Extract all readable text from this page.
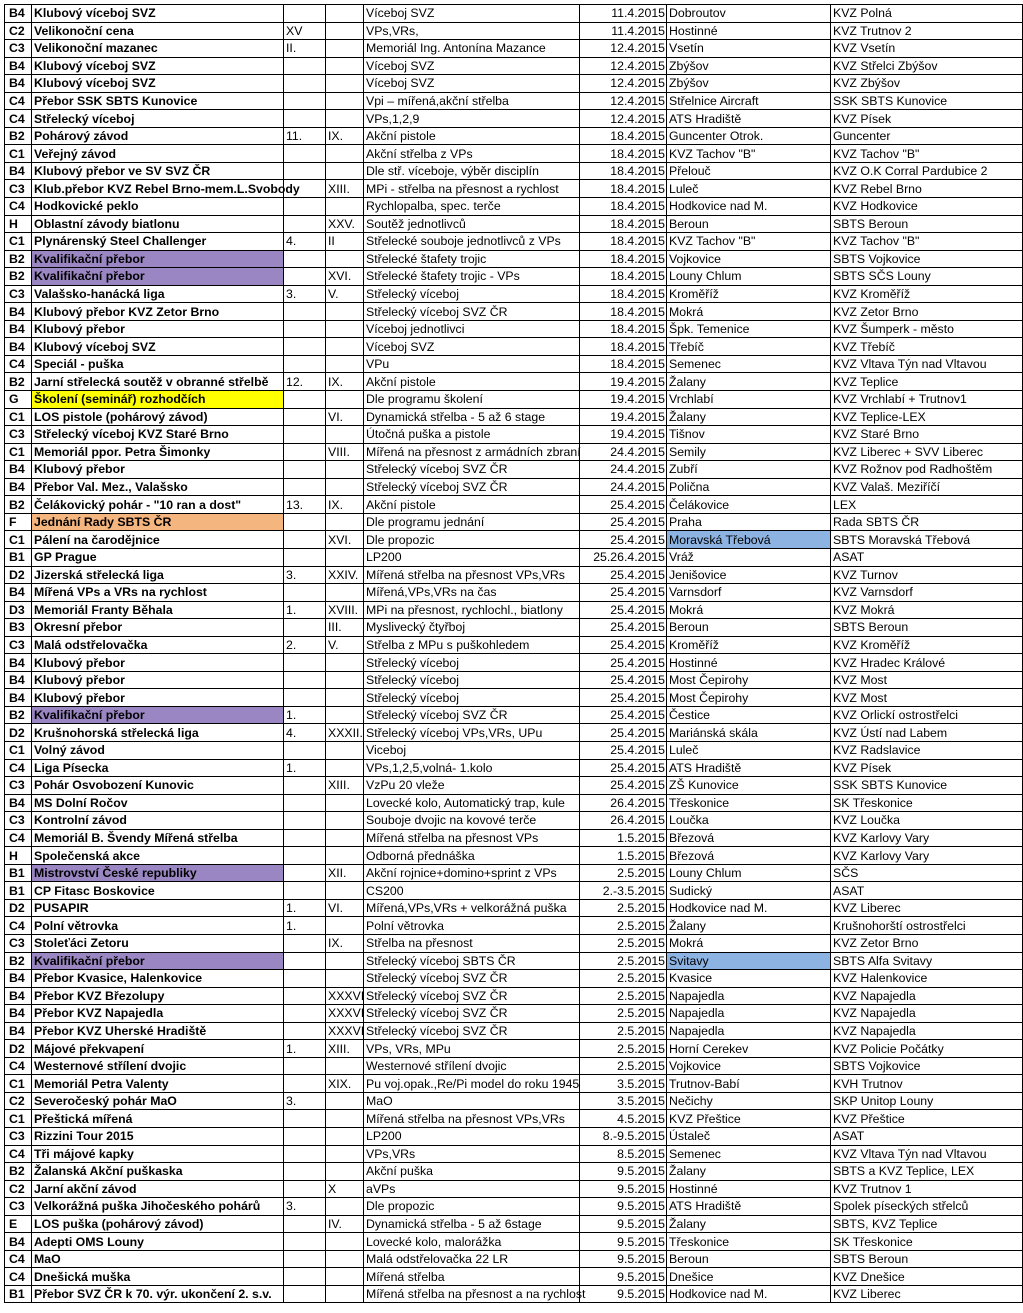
B4	Klubový víceboj SVZ			Víceboj SVZ	11.4.2015	Dobroutov	KVZ Polná
C2	Velikonoční cena	XV		VPs,VRs,	11.4.2015	Hostinné	KVZ Trutnov 2
C3	Velikonoční mazanec	II.		Memoriál Ing. Antonína Mazance	12.4.2015	Vsetín	KVZ Vsetín
B4	Klubový víceboj SVZ			Víceboj SVZ	12.4.2015	Zbýšov	KVZ Střelci Zbýšov
B4	Klubový víceboj SVZ			Víceboj SVZ	12.4.2015	Zbýšov	KVZ Zbýšov
C4	Přebor SSK SBTS Kunovice			Vpi – mířená,akční střelba	12.4.2015	Střelnice Aircraft	SSK SBTS Kunovice
C4	Střelecký víceboj			VPs,1,2,9	12.4.2015	ATS Hradiště	KVZ Písek
B2	Pohárový závod	11.	IX.	Akční pistole	18.4.2015	Guncenter Otrok.	Guncenter
C1	Veřejný závod			Akční střelba z VPs	18.4.2015	KVZ Tachov "B"	KVZ Tachov "B"
B4	Klubový přebor ve SV SVZ ČR			Dle stř. víceboje, výběr disciplín	18.4.2015	Přelouč	KVZ O.K Corral Pardubice 2
C3	Klub.přebor KVZ Rebel Brno-mem.L.Svobody		XIII.	MPi - střelba na přesnost a rychlost	18.4.2015	Luleč	KVZ Rebel Brno
C4	Hodkovické peklo			Rychlopalba, spec. terče	18.4.2015	Hodkovice nad M.	KVZ Hodkovice
H	Oblastní závody biatlonu		XXV.	Soutěž jednotlivců	18.4.2015	Beroun	SBTS Beroun
C1	Plynárenský Steel Challenger	4.	II	Střelecké souboje jednotlivců z VPs	18.4.2015	KVZ Tachov "B"	KVZ Tachov "B"
B2	Kvalifikační přebor			Střelecké štafety trojic	18.4.2015	Vojkovice	SBTS Vojkovice
B2	Kvalifikační přebor		XVI.	Střelecké štafety trojic - VPs	18.4.2015	Louny Chlum	SBTS SČS Louny
C3	Valašsko-hanácká liga	3.	V.	Střelecký víceboj	18.4.2015	Kroměříž	KVZ Kroměříž
B4	Klubový přebor KVZ Zetor Brno			Střelecký víceboj SVZ ČR	18.4.2015	Mokrá	KVZ Zetor Brno
B4	Klubový přebor			Víceboj jednotlivci	18.4.2015	Špk. Temenice	KVZ Šumperk - město
B4	Klubový víceboj SVZ			Víceboj SVZ	18.4.2015	Třebíč	KVZ Třebíč
C4	Speciál - puška			VPu	18.4.2015	Semenec	KVZ Vltava Týn nad Vltavou
B2	Jarní střelecká soutěž v obranné střelbě	12.	IX.	Akční pistole	19.4.2015	Žalany	KVZ Teplice
G	Školení (seminář) rozhodčích			Dle programu školení	19.4.2015	Vrchlabí	KVZ Vrchlabí + Trutnov1
C1	LOS pistole (pohárový závod)		VI.	Dynamická střelba - 5 až 6 stage	19.4.2015	Žalany	KVZ Teplice-LEX
C3	Střelecký víceboj KVZ Staré Brno			Útočná puška a pistole	19.4.2015	Tišnov	KVZ Staré Brno
C1	Memoriál ppor. Petra Šimonky		VIII.	Mířená na přesnost z armádních zbraní	24.4.2015	Semily	KVZ Liberec + SVV Liberec
B4	Klubový přebor			Střelecký víceboj SVZ ČR	24.4.2015	Zubří	KVZ Rožnov pod Radhoštěm
B4	Přebor Val. Mez., Valašsko			Střelecký víceboj SVZ ČR	24.4.2015	Polična	KVZ Valaš. Meziříčí
B2	Čelákovický pohár - "10 ran a dost"	13.	IX.	Akční pistole	25.4.2015	Čelákovice	LEX
F	Jednání Rady SBTS ČR			Dle programu jednání	25.4.2015	Praha	Rada SBTS ČR
C1	Pálení na čarodějnice		XVI.	Dle propozic	25.4.2015	Moravská Třebová	SBTS Moravská Třebová
B1	GP Prague			LP200	25.26.4.2015	Vráž	ASAT
D2	Jizerská střelecká liga	3.	XXIV.	Mířená střelba na přesnost VPs,VRs	25.4.2015	Jenišovice	KVZ Turnov
B4	Mířená VPs a VRs na rychlost			Mířená,VPs,VRs na čas	25.4.2015	Varnsdorf	KVZ Varnsdorf
D3	Memoriál Franty Běhala	1.	XVIII.	MPi na přesnost, rychlochl., biatlony	25.4.2015	Mokrá	KVZ Mokrá
B3	Okresní přebor		III.	Myslivecký čtyřboj	25.4.2015	Beroun	SBTS Beroun
C3	Malá odstřelovačka	2.	V.	Střelba z MPu s puškohledem	25.4.2015	Kroměříž	KVZ Kroměříž
B4	Klubový přebor			Střelecký víceboj	25.4.2015	Hostinné	KVZ Hradec Králové
B4	Klubový přebor			Střelecký víceboj	25.4.2015	Most Čepirohy	KVZ Most
B4	Klubový přebor			Střelecký víceboj	25.4.2015	Most Čepirohy	KVZ Most
B2	Kvalifikační přebor	1.		Střelecký víceboj SVZ ČR	25.4.2015	Čestice	KVZ Orlickí ostrostřelci
D2	Krušnohorská střelecká liga	4.	XXXII.	Střelecký víceboj VPs,VRs, UPu	25.4.2015	Mariánská skála	KVZ Ústí nad Labem
C1	Volný závod			Viceboj	25.4.2015	Luleč	KVZ Radslavice
C4	Liga Písecka	1.		VPs,1,2,5,volná- 1.kolo	25.4.2015	ATS Hradiště	KVZ Písek
C3	Pohár Osvobození Kunovic		XIII.	VzPu 20 vleže	25.4.2015	ZŠ Kunovice	SSK SBTS Kunovice
B4	MS Dolní Ročov			Lovecké kolo, Automatický trap, kule	26.4.2015	Třeskonice	SK Třeskonice
C3	Kontrolní závod			Souboje dvojic na kovové terče	26.4.2015	Loučka	KVZ Loučka
C4	Memoriál B. Švendy Mířená střelba			Mířená střelba na přesnost VPs	1.5.2015	Březová	KVZ Karlovy Vary
H	Společenská akce			Odborná přednáška	1.5.2015	Březová	KVZ Karlovy Vary
B1	Mistrovství České republiky		XII.	Akční rojnice+domino+sprint z VPs	2.5.2015	Louny Chlum	SČS
B1	CP Fitasc Boskovice			CS200	2.-3.5.2015	Sudický	ASAT
D2	PUSAPIR	1.	VI.	Mířená,VPs,VRs + velkorážná puška	2.5.2015	Hodkovice nad M.	KVZ Liberec
C4	Polní větrovka	1.		Polní větrovka	2.5.2015	Žalany	Krušnohorští ostrostřelci
C3	Stoleťáci Zetoru		IX.	Střelba na přesnost	2.5.2015	Mokrá	KVZ Zetor Brno
B2	Kvalifikační přebor			Střelecký víceboj SBTS ČR	2.5.2015	Svitavy	SBTS Alfa Svitavy
B4	Přebor Kvasice, Halenkovice			Střelecký víceboj SVZ ČR	2.5.2015	Kvasice	KVZ Halenkovice
B4	Přebor KVZ Březolupy		XXXVI	Střelecký víceboj SVZ ČR	2.5.2015	Napajedla	KVZ Napajedla
B4	Přebor KVZ Napajedla		XXXVI	Střelecký víceboj SVZ ČR	2.5.2015	Napajedla	KVZ Napajedla
B4	Přebor KVZ Uherské Hradiště		XXXVI	Střelecký víceboj SVZ ČR	2.5.2015	Napajedla	KVZ Napajedla
D2	Májové překvapení	1.	XIII.	VPs, VRs, MPu	2.5.2015	Horní Cerekev	KVZ Policie Počátky
C4	Westernové střílení dvojic			Westernové střílení dvojic	2.5.2015	Vojkovice	SBTS Vojkovice
C1	Memoriál Petra Valenty		XIX.	Pu voj.opak.,Re/Pi model do roku 1945	3.5.2015	Trutnov-Babí	KVH Trutnov
C2	Severočeský pohár MaO	3.		MaO	3.5.2015	Nečichy	SKP Unitop Louny
C1	Přeštická mířená			Mířená střelba na přesnost VPs,VRs	4.5.2015	KVZ Přeštice	KVZ Přeštice
C3	Rizzini Tour 2015			LP200	8.-9.5.2015	Ústaleč	ASAT
C4	Tři májové kapky			VPs,VRs	8.5.2015	Semenec	KVZ Vltava Týn nad Vltavou
B2	Žalanská Akční puškaska			Akční puška	9.5.2015	Žalany	SBTS a KVZ Teplice, LEX
C2	Jarní akční závod		X	aVPs	9.5.2015	Hostinné	KVZ Trutnov 1
C3	Velkorážná puška Jihočeského pohárů	3.		Dle propozic	9.5.2015	ATS Hradiště	Spolek píseckých střelců
E	LOS puška (pohárový závod)		IV.	Dynamická střelba - 5 až 6stage	9.5.2015	Žalany	SBTS, KVZ Teplice
B4	Adepti OMS Louny			Lovecké kolo, malorážka	9.5.2015	Třeskonice	SK Třeskonice
C4	MaO			Malá odstřelovačka 22 LR	9.5.2015	Beroun	SBTS Beroun
C4	Dnešická muška			Mířená střelba	9.5.2015	Dnešice	KVZ Dnešice
B1	Přebor SVZ ČR k 70. výr. ukončení 2. s.v.			Mířená střelba na přesnost a na rychlost	9.5.2015	Hodkovice nad M.	KVZ Liberec
